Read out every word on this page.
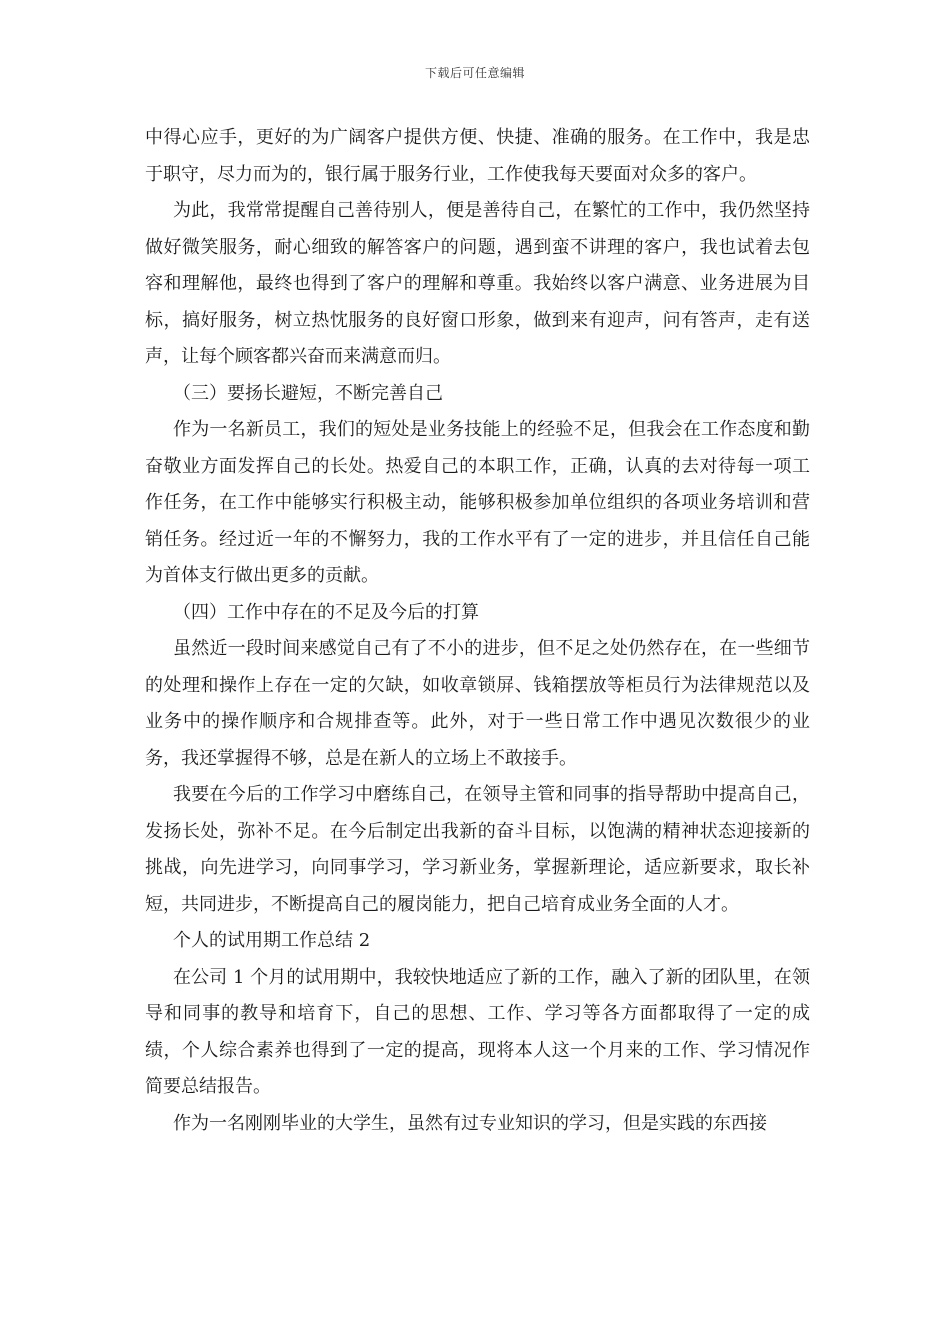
下载后可任意编辑

中得心应手，更好的为广阔客户提供方便、快捷、准确的服务。在工作中，我是忠于职守，尽力而为的，银行属于服务行业，工作使我每天要面对众多的客户。

为此，我常常提醒自己善待别人，便是善待自己，在繁忙的工作中，我仍然坚持做好微笑服务，耐心细致的解答客户的问题，遇到蛮不讲理的客户，我也试着去包容和理解他，最终也得到了客户的理解和尊重。我始终以客户满意、业务进展为目标，搞好服务，树立热忱服务的良好窗口形象，做到来有迎声，问有答声，走有送声，让每个顾客都兴奋而来满意而归。

（三）要扬长避短，不断完善自己

作为一名新员工，我们的短处是业务技能上的经验不足，但我会在工作态度和勤奋敬业方面发挥自己的长处。热爱自己的本职工作，正确，认真的去对待每一项工作任务，在工作中能够实行积极主动，能够积极参加单位组织的各项业务培训和营销任务。经过近一年的不懈努力，我的工作水平有了一定的进步，并且信任自己能为首体支行做出更多的贡献。

（四）工作中存在的不足及今后的打算

虽然近一段时间来感觉自己有了不小的进步，但不足之处仍然存在，在一些细节的处理和操作上存在一定的欠缺，如收章锁屏、钱箱摆放等柜员行为法律规范以及业务中的操作顺序和合规排查等。此外，对于一些日常工作中遇见次数很少的业务，我还掌握得不够，总是在新人的立场上不敢接手。

我要在今后的工作学习中磨练自己，在领导主管和同事的指导帮助中提高自己，发扬长处，弥补不足。在今后制定出我新的奋斗目标，以饱满的精神状态迎接新的挑战，向先进学习，向同事学习，学习新业务，掌握新理论，适应新要求，取长补短，共同进步，不断提高自己的履岗能力，把自己培育成业务全面的人才。

个人的试用期工作总结 2

在公司 1 个月的试用期中，我较快地适应了新的工作，融入了新的团队里，在领导和同事的教导和培育下，自己的思想、工作、学习等各方面都取得了一定的成绩，个人综合素养也得到了一定的提高，现将本人这一个月来的工作、学习情况作简要总结报告。

作为一名刚刚毕业的大学生，虽然有过专业知识的学习，但是实践的东西接
